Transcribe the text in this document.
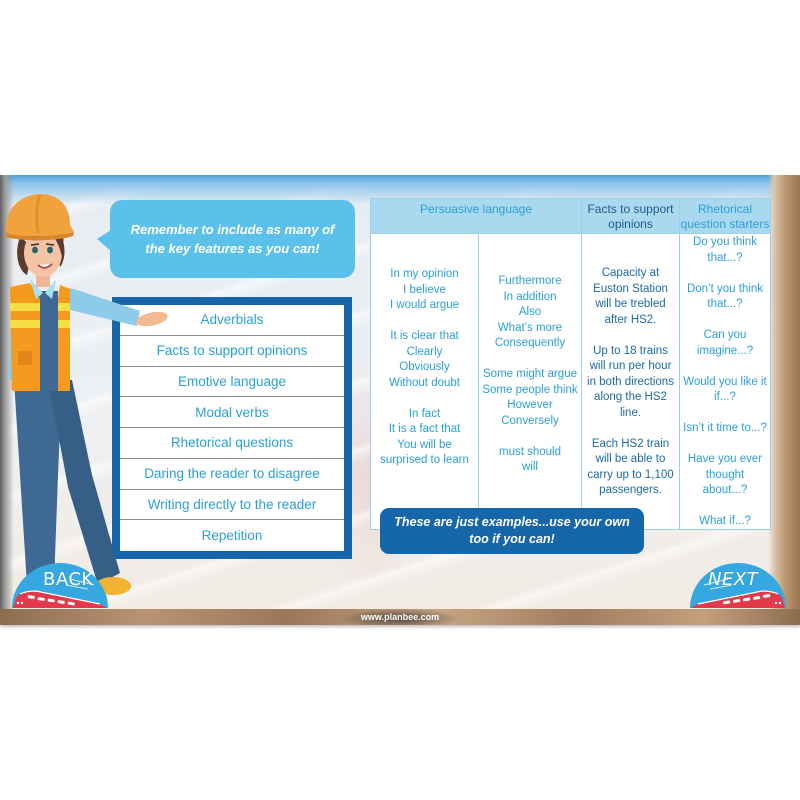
Remember to include as many of
the key features as you can!
Adverbials
Facts to support opinions
Emotive language
Modal verbs
Rhetorical questions
Daring the reader to disagree
Writing directly to the reader
Repetition
Persuasive language	Facts to support
opinions
Rhetorical
question starters
In my opinion
I believe
I would argue
It is clear that
Clearly
Obviously
Without doubt
In fact
It is a fact that
You will be
surprised to learn
Furthermore
In addition
Also
What’s more
Consequently
Some might argue
Some people think
However
Conversely
must should
will
Capacity at
Euston Station
will be trebled
after HS2.
Up to 18 trains
will run per hour
in both directions
along the HS2
line.
Each HS2 train
will be able to
carry up to 1,100
passengers.
Do you think
that...?
Don’t you think
that...?
Can you
imagine...?
Would you like it
if...?
Isn’t it time to...?
Have you ever
thought
about...?
What if...?
These are just examples...use your own
too if you can!
BACK	NEXT
www.planbee.com
